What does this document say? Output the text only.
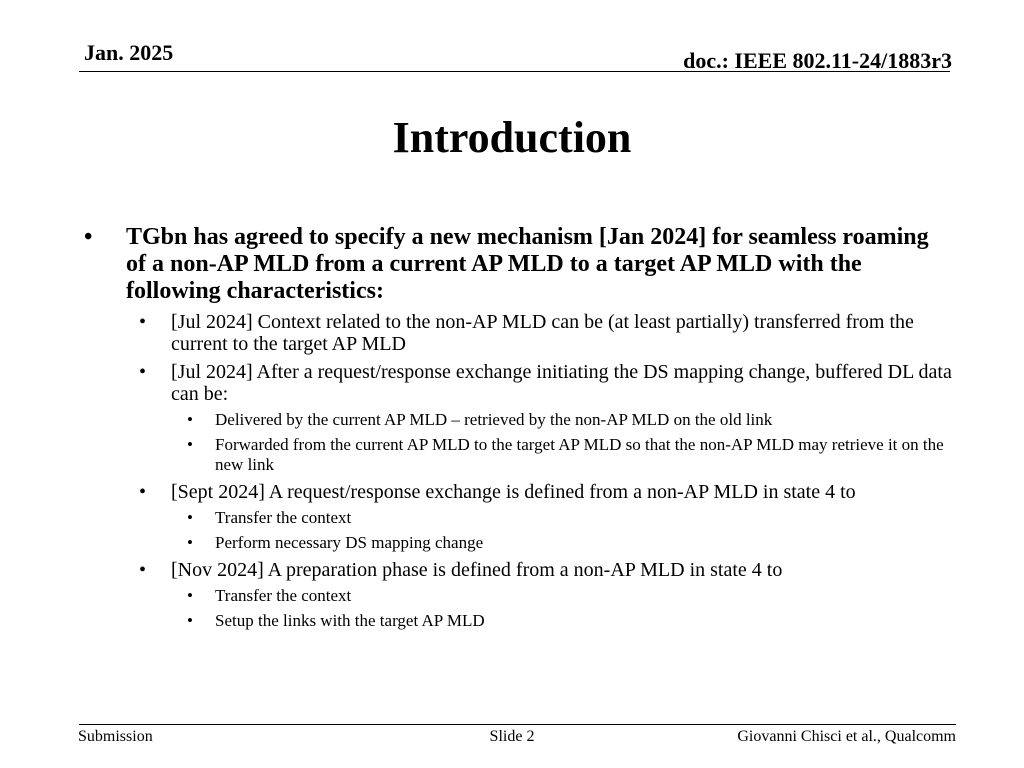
Jan. 2025	doc.: IEEE 802.11-24/1883r3
Introduction
•	TGbn has agreed to specify a new mechanism [Jan 2024] for seamless roaming of a non-AP MLD from a current AP MLD to a target AP MLD with the following characteristics:
•	[Jul 2024] Context related to the non-AP MLD can be (at least partially) transferred from the current to the target AP MLD
•	[Jul 2024] After a request/response exchange initiating the DS mapping change, buffered DL data can be:
•	Delivered by the current AP MLD – retrieved by the non-AP MLD on the old link
•	Forwarded from the current AP MLD to the target AP MLD so that the non-AP MLD may retrieve it on the new link
•	[Sept 2024] A request/response exchange is defined from a non-AP MLD in state 4 to
•	Transfer the context
•	Perform necessary DS mapping change
•	[Nov 2024] A preparation phase is defined from a non-AP MLD in state 4 to
•	Transfer the context
•	Setup the links with the target AP MLD
Submission	Slide 2	Giovanni Chisci et al., Qualcomm
